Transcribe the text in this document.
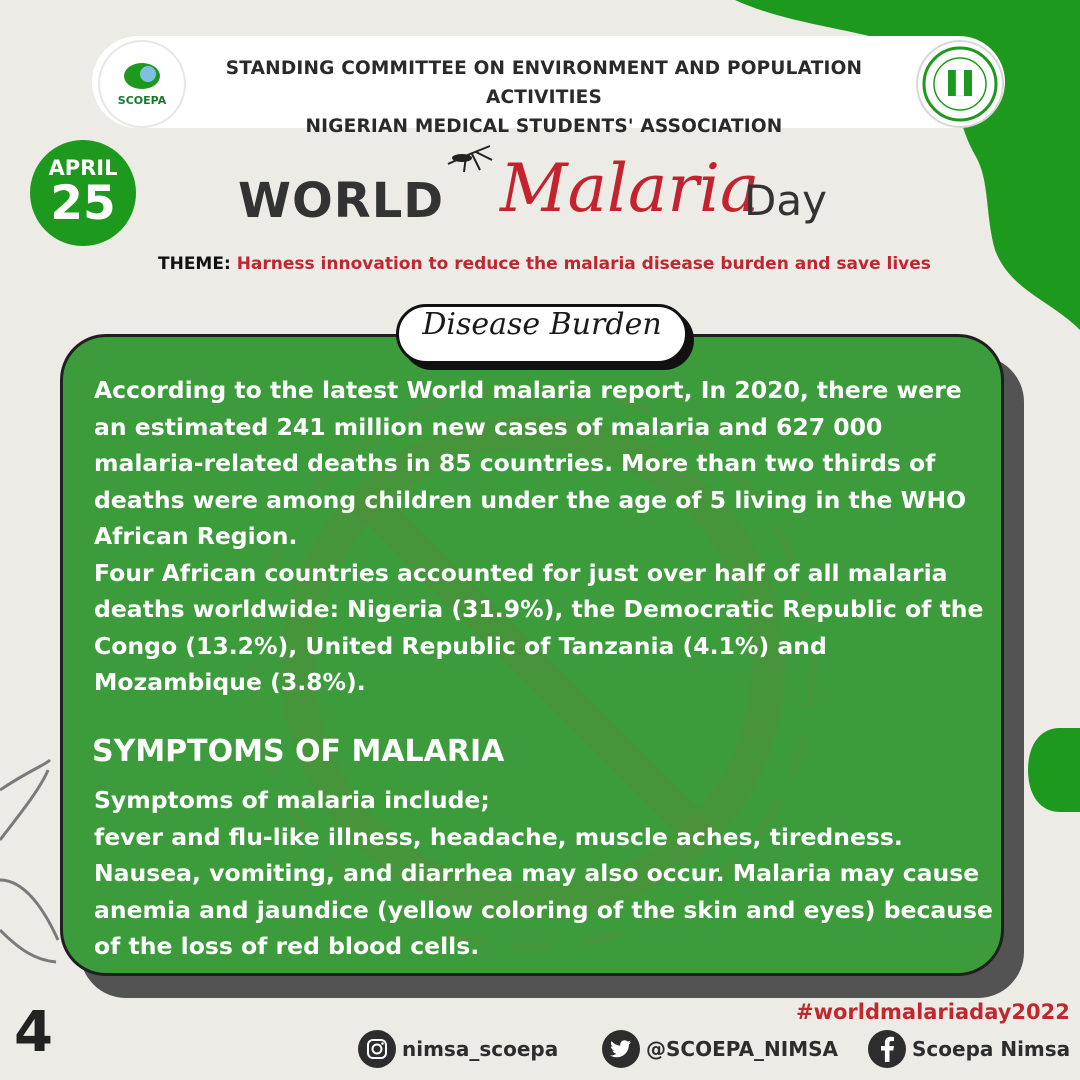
SCOEPA
STANDING COMMITTEE ON ENVIRONMENT AND POPULATION ACTIVITIES
NIGERIAN MEDICAL STUDENTS' ASSOCIATION
APRIL
25	WORLD Malaria
Day
THEME: Harness innovation to reduce the malaria disease burden and save lives
Disease Burden

According to the latest World malaria report, In 2020, there were an estimated 241 million new cases of malaria and 627 000 malaria-related deaths in 85 countries. More than two thirds of deaths were among children under the age of 5 living in the WHO African Region.

Four African countries accounted for just over half of all malaria deaths worldwide: Nigeria (31.9%), the Democratic Republic of the Congo (13.2%), United Republic of Tanzania (4.1%) and Mozambique (3.8%).

SYMPTOMS OF MALARIA

Symptoms of malaria include;

fever and flu-like illness, headache, muscle aches, tiredness. Nausea, vomiting, and diarrhea may also occur. Malaria may cause anemia and jaundice (yellow coloring of the skin and eyes) because of the loss of red blood cells.

4	#worldmalariaday2022
nimsa_scoepa	@SCOEPA_NIMSA	Scoepa Nimsa
